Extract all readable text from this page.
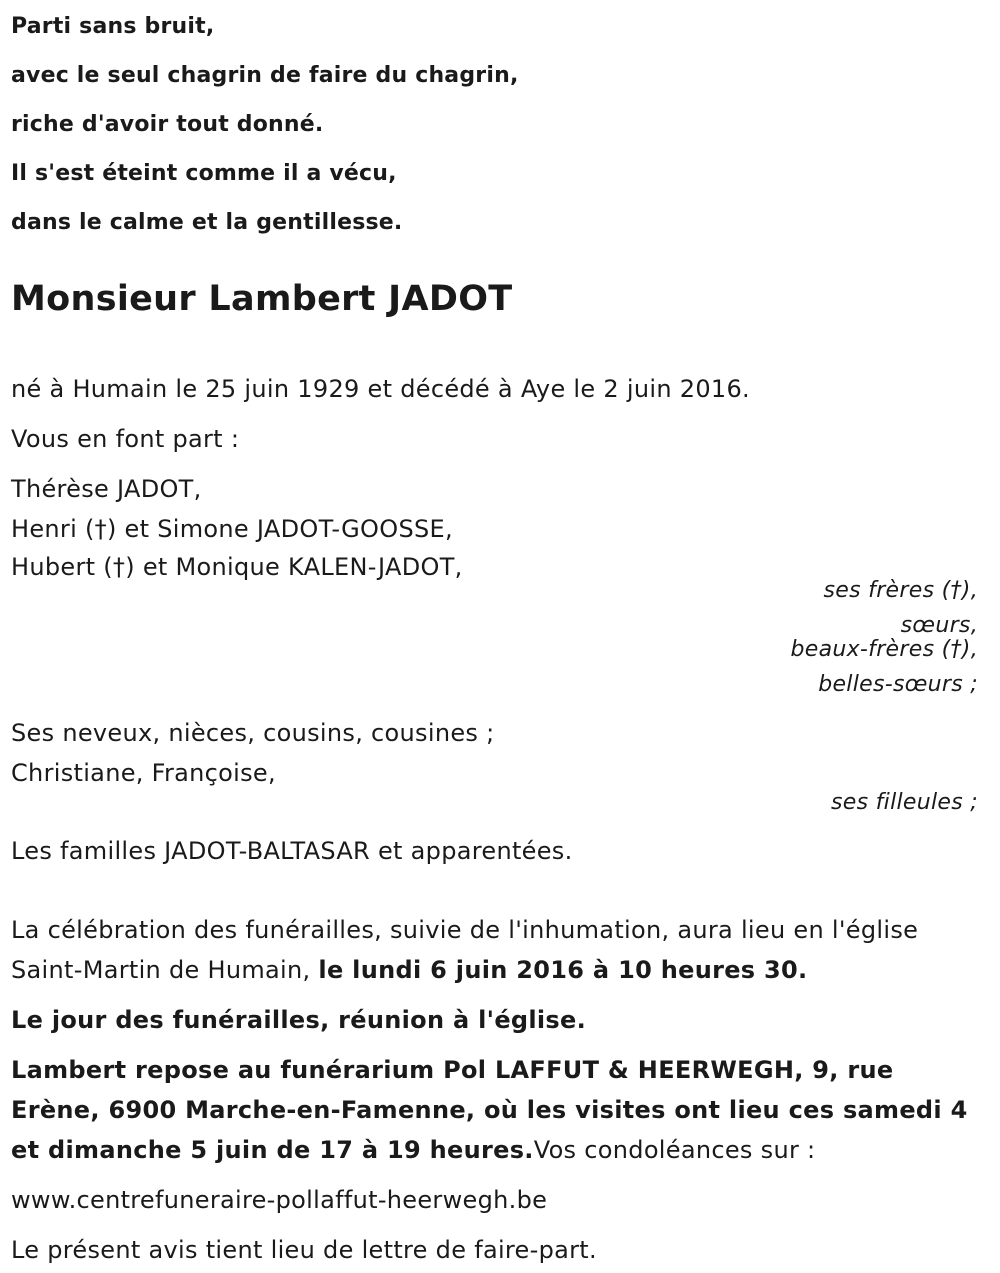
Parti sans bruit,

avec le seul chagrin de faire du chagrin,

riche d'avoir tout donné.

Il s'est éteint comme il a vécu,

dans le calme et la gentillesse.

Monsieur Lambert JADOT

né à Humain le 25 juin 1929 et décédé à Aye le 2 juin 2016.

Vous en font part :

Thérèse JADOT,

Henri (†) et Simone JADOT-GOOSSE,

Hubert (†) et Monique KALEN-JADOT,

ses frères (†),

sœurs,

beaux-frères (†),

belles-sœurs ;

Ses neveux, nièces, cousins, cousines ;

Christiane, Françoise,

ses filleules ;

Les familles JADOT-BALTASAR et apparentées.

La célébration des funérailles, suivie de l'inhumation, aura lieu en l'église Saint-Martin de Humain, le lundi 6 juin 2016 à 10 heures 30.

Le jour des funérailles, réunion à l'église.

Lambert repose au funérarium Pol LAFFUT & HEERWEGH, 9, rue Erène, 6900 Marche-en-Famenne, où les visites ont lieu ces samedi 4 et dimanche 5 juin de 17 à 19 heures.Vos condoléances sur :

www.centrefuneraire-pollaffut-heerwegh.be

Le présent avis tient lieu de lettre de faire-part.
